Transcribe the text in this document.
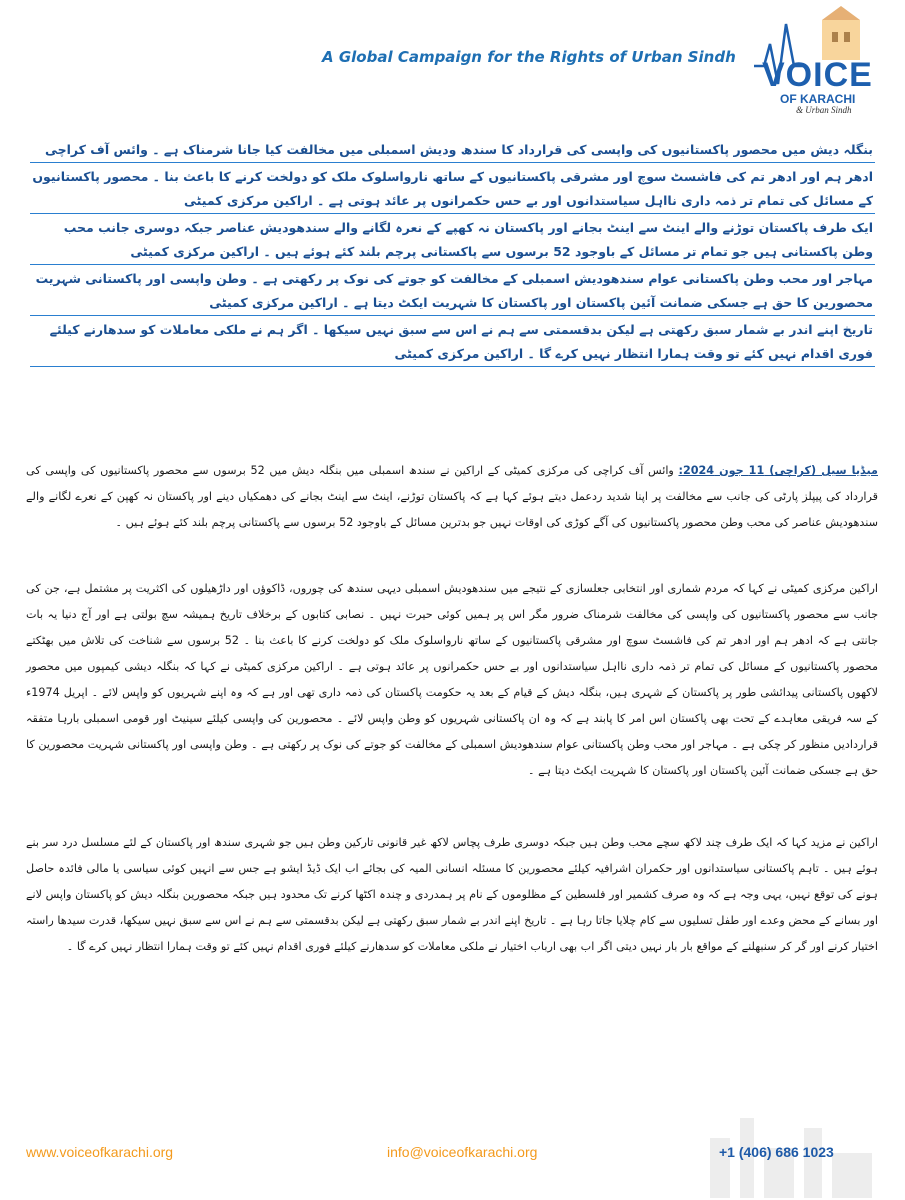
A Global Campaign for the Rights of Urban Sindh VOICE
OF KARACHI
& Urban Sindh
بنگلہ دیش میں محصور پاکستانیوں کی واپسی کی قرارداد کا سندھ ودیش اسمبلی میں مخالفت کیا جانا شرمناک ہے ۔ وائس آف کراچی
ادھر ہم اور ادھر تم کی فاشسٹ سوچ اور مشرقی پاکستانیوں کے ساتھ نارواسلوک ملک کو دولخت کرنے کا باعث بنا ۔ محصور پاکستانیوں کے مسائل کی تمام تر ذمہ داری نااہل سیاستدانوں اور بے حس حکمرانوں پر عائد ہوتی ہے ۔ اراکین مرکزی کمیٹی
ایک طرف پاکستان توڑنے والے اینٹ سے اینٹ بجانے اور پاکستان نہ کھپے کے نعرہ لگانے والے سندھودیش عناصر جبکہ دوسری جانب محب وطن پاکستانی ہیں جو تمام تر مسائل کے باوجود 52 برسوں سے پاکستانی پرچم بلند کئے ہوئے ہیں ۔ اراکین مرکزی کمیٹی
مہاجر اور محب وطن پاکستانی عوام سندھودیش اسمبلی کے مخالفت کو جوتے کی نوک پر رکھتی ہے ۔ وطن واپسی اور پاکستانی شہریت محصورین کا حق ہے جسکی ضمانت آئین پاکستان اور پاکستان کا شہریت ایکٹ دیتا ہے ۔ اراکین مرکزی کمیٹی
تاریخ اپنے اندر بے شمار سبق رکھتی ہے لیکن بدقسمتی سے ہم نے اس سے سبق نہیں سیکھا ۔ اگر ہم نے ملکی معاملات کو سدھارنے کیلئے فوری اقدام نہیں کئے تو وقت ہمارا انتظار نہیں کرے گا ۔ اراکین مرکزی کمیٹی
میڈیا سیل (کراچی) 11 جون 2024: وائس آف کراچی کی مرکزی کمیٹی کے اراکین نے سندھ اسمبلی میں بنگلہ دیش میں 52 برسوں سے محصور پاکستانیوں کی واپسی کی قرارداد کی پیپلز پارٹی کی جانب سے مخالفت پر اپنا شدید ردعمل دیتے ہوئے کہا ہے کہ پاکستان توڑنے، اینٹ سے اینٹ بجانے کی دھمکیاں دینے اور پاکستان نہ کھپن کے نعرے لگانے والے سندھودیش عناصر کی محب وطن محصور پاکستانیوں کی آگے کوڑی کی اوقات نہیں جو بدترین مسائل کے باوجود 52 برسوں سے پاکستانی پرچم بلند کئے ہوئے ہیں ۔
اراکین مرکزی کمیٹی نے کہا کہ مردم شماری اور انتخابی جعلسازی کے نتیجے میں سندھودیش اسمبلی دیہی سندھ کی چوروں، ڈاکوؤں اور داڑھیلوں کی اکثریت پر مشتمل ہے، جن کی جانب سے محصور پاکستانیوں کی واپسی کی مخالفت شرمناک ضرور مگر اس پر ہمیں کوئی حیرت نہیں ۔ نصابی کتابوں کے برخلاف تاریخ ہمیشہ سچ بولتی ہے اور آج دنیا یہ بات جانتی ہے کہ ادھر ہم اور ادھر تم کی فاشسٹ سوچ اور مشرقی پاکستانیوں کے ساتھ نارواسلوک ملک کو دولخت کرنے کا باعث بنا ۔ 52 برسوں سے شناخت کی تلاش میں بھٹکتے محصور پاکستانیوں کے مسائل کی تمام تر ذمہ داری نااہل سیاستدانوں اور بے حس حکمرانوں پر عائد ہوتی ہے ۔ اراکین مرکزی کمیٹی نے کہا کہ بنگلہ دیشی کیمپوں میں محصور لاکھوں پاکستانی پیدائشی طور پر پاکستان کے شہری ہیں، بنگلہ دیش کے قیام کے بعد یہ حکومت پاکستان کی ذمہ داری تھی اور ہے کہ وہ اپنے شہریوں کو واپس لائے ۔ اپریل 1974ء کے سہ فریقی معاہدے کے تحت بھی پاکستان اس امر کا پابند ہے کہ وہ ان پاکستانی شہریوں کو وطن واپس لائے ۔ محصورین کی واپسی کیلئے سینیٹ اور قومی اسمبلی بارہا متفقہ قراردادیں منظور کر چکی ہے ۔ مہاجر اور محب وطن پاکستانی عوام سندھودیش اسمبلی کے مخالفت کو جوتے کی نوک پر رکھتی ہے ۔ وطن واپسی اور پاکستانی شہریت محصورین کا حق ہے جسکی ضمانت آئین پاکستان اور پاکستان کا شہریت ایکٹ دیتا ہے ۔
اراکین نے مزید کہا کہ ایک طرف چند لاکھ سچے محب وطن ہیں جبکہ دوسری طرف پچاس لاکھ غیر قانونی تارکین وطن ہیں جو شہری سندھ اور پاکستان کے لئے مسلسل درد سر بنے ہوئے ہیں ۔ تاہم پاکستانی سیاستدانوں اور حکمران اشرافیہ کیلئے محصورین کا مسئلہ انسانی المیہ کی بجائے اب ایک ڈیڈ ایشو ہے جس سے انہیں کوئی سیاسی یا مالی فائدہ حاصل ہونے کی توقع نہیں، یہی وجہ ہے کہ وہ صرف کشمیر اور فلسطین کے مظلوموں کے نام پر ہمدردی و چندہ اکٹھا کرنے تک محدود ہیں جبکہ محصورین بنگلہ دیش کو پاکستان واپس لانے اور بسانے کے محض وعدے اور طفل تسلیوں سے کام چلایا جاتا رہا ہے ۔ تاریخ اپنے اندر بے شمار سبق رکھتی ہے لیکن بدقسمتی سے ہم نے اس سے سبق نہیں سیکھا، قدرت سیدھا راستہ اختیار کرنے اور گر کر سنبھلنے کے مواقع بار بار نہیں دیتی اگر اب بھی ارباب اختیار نے ملکی معاملات کو سدھارنے کیلئے فوری اقدام نہیں کئے تو وقت ہمارا انتظار نہیں کرے گا ۔
www.voiceofkarachi.org	info@voiceofkarachi.org	+1 (406) 686 1023
